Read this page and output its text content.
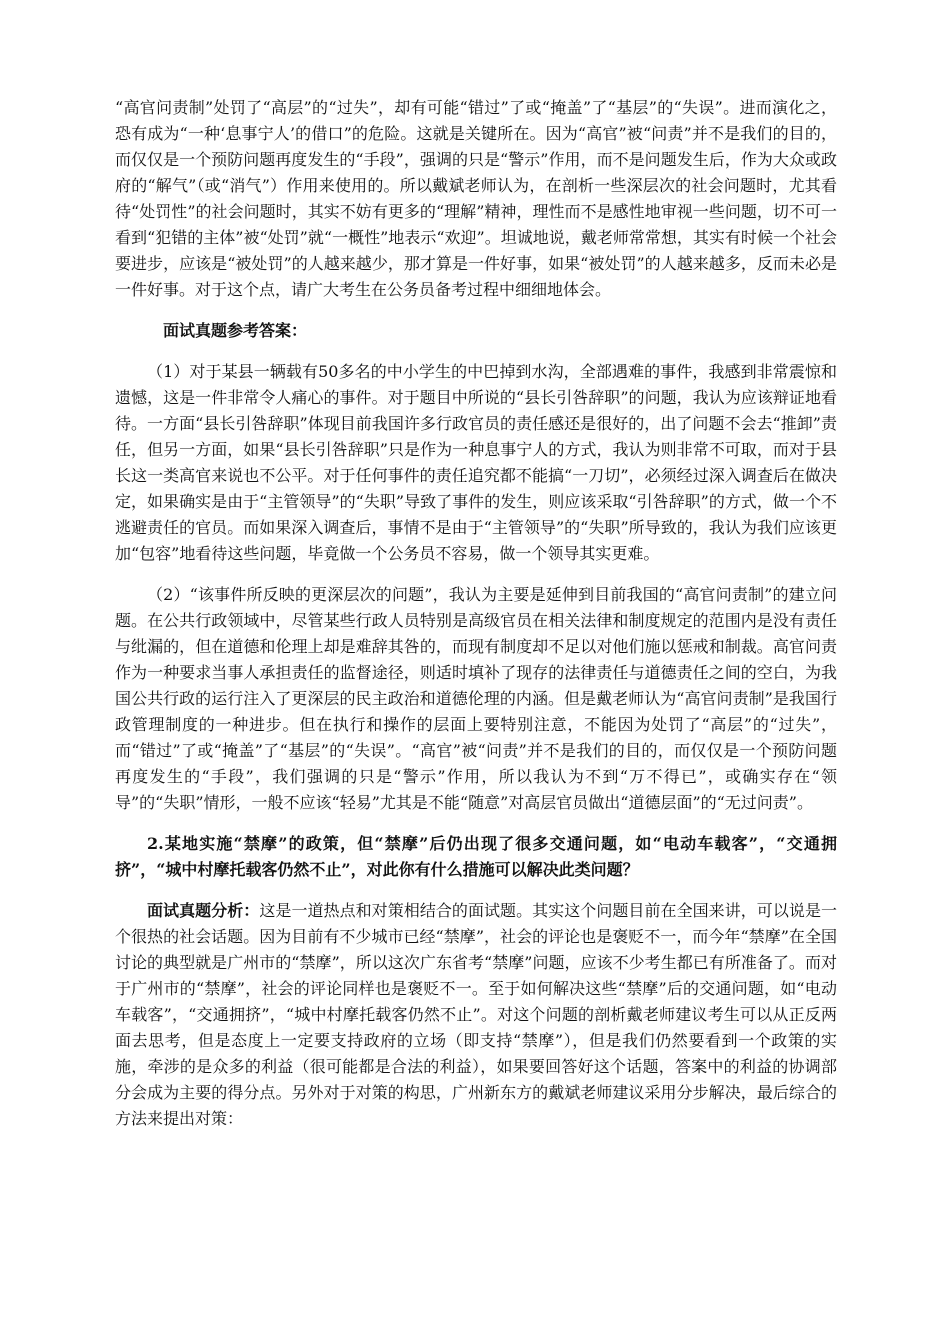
“高官问责制”处罚了“高层”的“过失”，却有可能“错过”了或“掩盖”了“基层”的“失误”。进而演化之，恐有成为“一种‘息事宁人’的借口”的危险。这就是关键所在。因为“高官”被“问责”并不是我们的目的，而仅仅是一个预防问题再度发生的“手段”，强调的只是“警示”作用，而不是问题发生后，作为大众或政府的“解气”（或“消气”）作用来使用的。所以戴斌老师认为，在剖析一些深层次的社会问题时，尤其看待“处罚性”的社会问题时，其实不妨有更多的“理解”精神，理性而不是感性地审视一些问题，切不可一看到“犯错的主体”被“处罚”就“一概性”地表示“欢迎”。坦诚地说，戴老师常常想，其实有时候一个社会要进步，应该是“被处罚”的人越来越少，那才算是一件好事，如果“被处罚”的人越来越多，反而未必是一件好事。对于这个点，请广大考生在公务员备考过程中细细地体会。

面试真题参考答案：

（1）对于某县一辆载有50多名的中小学生的中巴掉到水沟，全部遇难的事件，我感到非常震惊和遗憾，这是一件非常令人痛心的事件。对于题目中所说的“县长引咎辞职”的问题，我认为应该辩证地看待。一方面“县长引咎辞职”体现目前我国许多行政官员的责任感还是很好的，出了问题不会去“推卸”责任，但另一方面，如果“县长引咎辞职”只是作为一种息事宁人的方式，我认为则非常不可取，而对于县长这一类高官来说也不公平。对于任何事件的责任追究都不能搞“一刀切”，必须经过深入调查后在做决定，如果确实是由于“主管领导”的“失职”导致了事件的发生，则应该采取“引咎辞职”的方式，做一个不逃避责任的官员。而如果深入调查后，事情不是由于“主管领导”的“失职”所导致的，我认为我们应该更加“包容”地看待这些问题，毕竟做一个公务员不容易，做一个领导其实更难。

（2）“该事件所反映的更深层次的问题”，我认为主要是延伸到目前我国的“高官问责制”的建立问题。在公共行政领域中，尽管某些行政人员特别是高级官员在相关法律和制度规定的范围内是没有责任与纰漏的，但在道德和伦理上却是难辞其咎的，而现有制度却不足以对他们施以惩戒和制裁。高官问责作为一种要求当事人承担责任的监督途径，则适时填补了现存的法律责任与道德责任之间的空白，为我国公共行政的运行注入了更深层的民主政治和道德伦理的内涵。但是戴老师认为“高官问责制”是我国行政管理制度的一种进步。但在执行和操作的层面上要特别注意，不能因为处罚了“高层”的“过失”，而“错过”了或“掩盖”了“基层”的“失误”。“高官”被“问责”并不是我们的目的，而仅仅是一个预防问题再度发生的“手段”，我们强调的只是“警示”作用，所以我认为不到“万不得已”，或确实存在“领导”的“失职”情形，一般不应该“轻易”尤其是不能“随意”对高层官员做出“道德层面”的“无过问责”。

2.某地实施“禁摩”的政策，但“禁摩”后仍出现了很多交通问题，如“电动车载客”，“交通拥挤”，“城中村摩托载客仍然不止”，对此你有什么措施可以解决此类问题？

面试真题分析：这是一道热点和对策相结合的面试题。其实这个问题目前在全国来讲，可以说是一个很热的社会话题。因为目前有不少城市已经“禁摩”，社会的评论也是褒贬不一，而今年“禁摩”在全国讨论的典型就是广州市的“禁摩”，所以这次广东省考“禁摩”问题，应该不少考生都已有所准备了。而对于广州市的“禁摩”，社会的评论同样也是褒贬不一。至于如何解决这些“禁摩”后的交通问题，如“电动车载客”，“交通拥挤”，“城中村摩托载客仍然不止”。对这个问题的剖析戴老师建议考生可以从正反两面去思考，但是态度上一定要支持政府的立场（即支持“禁摩”），但是我们仍然要看到一个政策的实施，牵涉的是众多的利益（很可能都是合法的利益），如果要回答好这个话题，答案中的利益的协调部分会成为主要的得分点。另外对于对策的构思，广州新东方的戴斌老师建议采用分步解决，最后综合的方法来提出对策：
